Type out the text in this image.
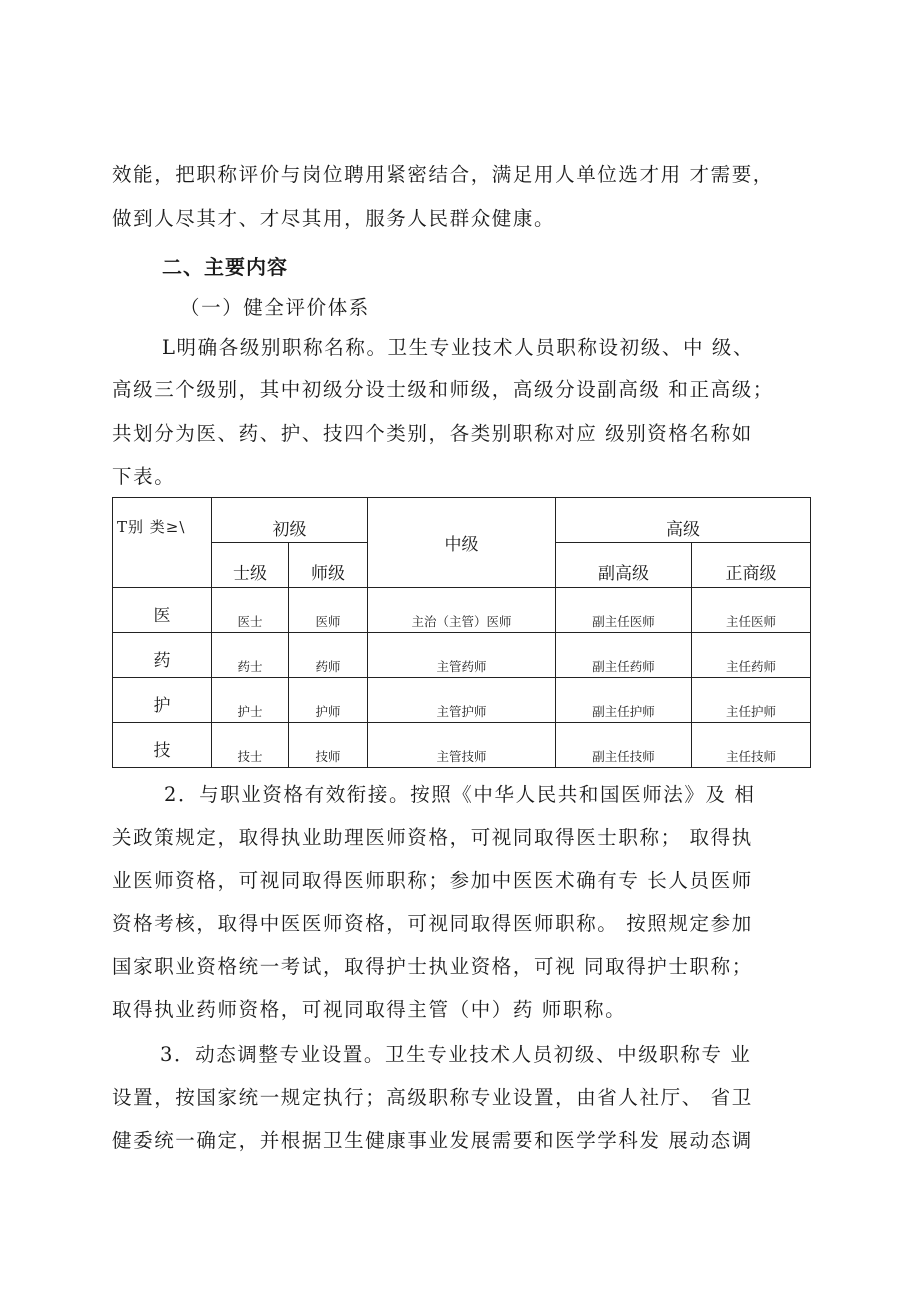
效能，把职称评价与岗位聘用紧密结合，满足用人单位选才用 才需要，
做到人尽其才、才尽其用，服务人民群众健康。
二、主要内容
（一）健全评价体系
L明确各级别职称名称。卫生专业技术人员职称设初级、中 级、
高级三个级别，其中初级分设士级和师级，高级分设副高级 和正高级；
共划分为医、药、护、技四个类别，各类别职称对应 级别资格名称如
下表。
T别 类≥\	初级		中级	高级	
	士级	师级		副高级	正商级
医	医士	医师	主治（主管）医师	副主任医师	主任医师
药	药士	药师	主管药师	副主任药师	主任药师
护	护士	护师	主管护师	副主任护师	主任护师
技	技士	技师	主管技师	副主任技师	主任技师
2．与职业资格有效衔接。按照《中华人民共和国医师法》及 相
关政策规定，取得执业助理医师资格，可视同取得医士职称； 取得执
业医师资格，可视同取得医师职称；参加中医医术确有专 长人员医师
资格考核，取得中医医师资格，可视同取得医师职称。 按照规定参加
国家职业资格统一考试，取得护士执业资格，可视 同取得护士职称；
取得执业药师资格，可视同取得主管（中）药 师职称。
3．动态调整专业设置。卫生专业技术人员初级、中级职称专 业
设置，按国家统一规定执行；高级职称专业设置，由省人社厅、 省卫
健委统一确定，并根据卫生健康事业发展需要和医学学科发 展动态调
